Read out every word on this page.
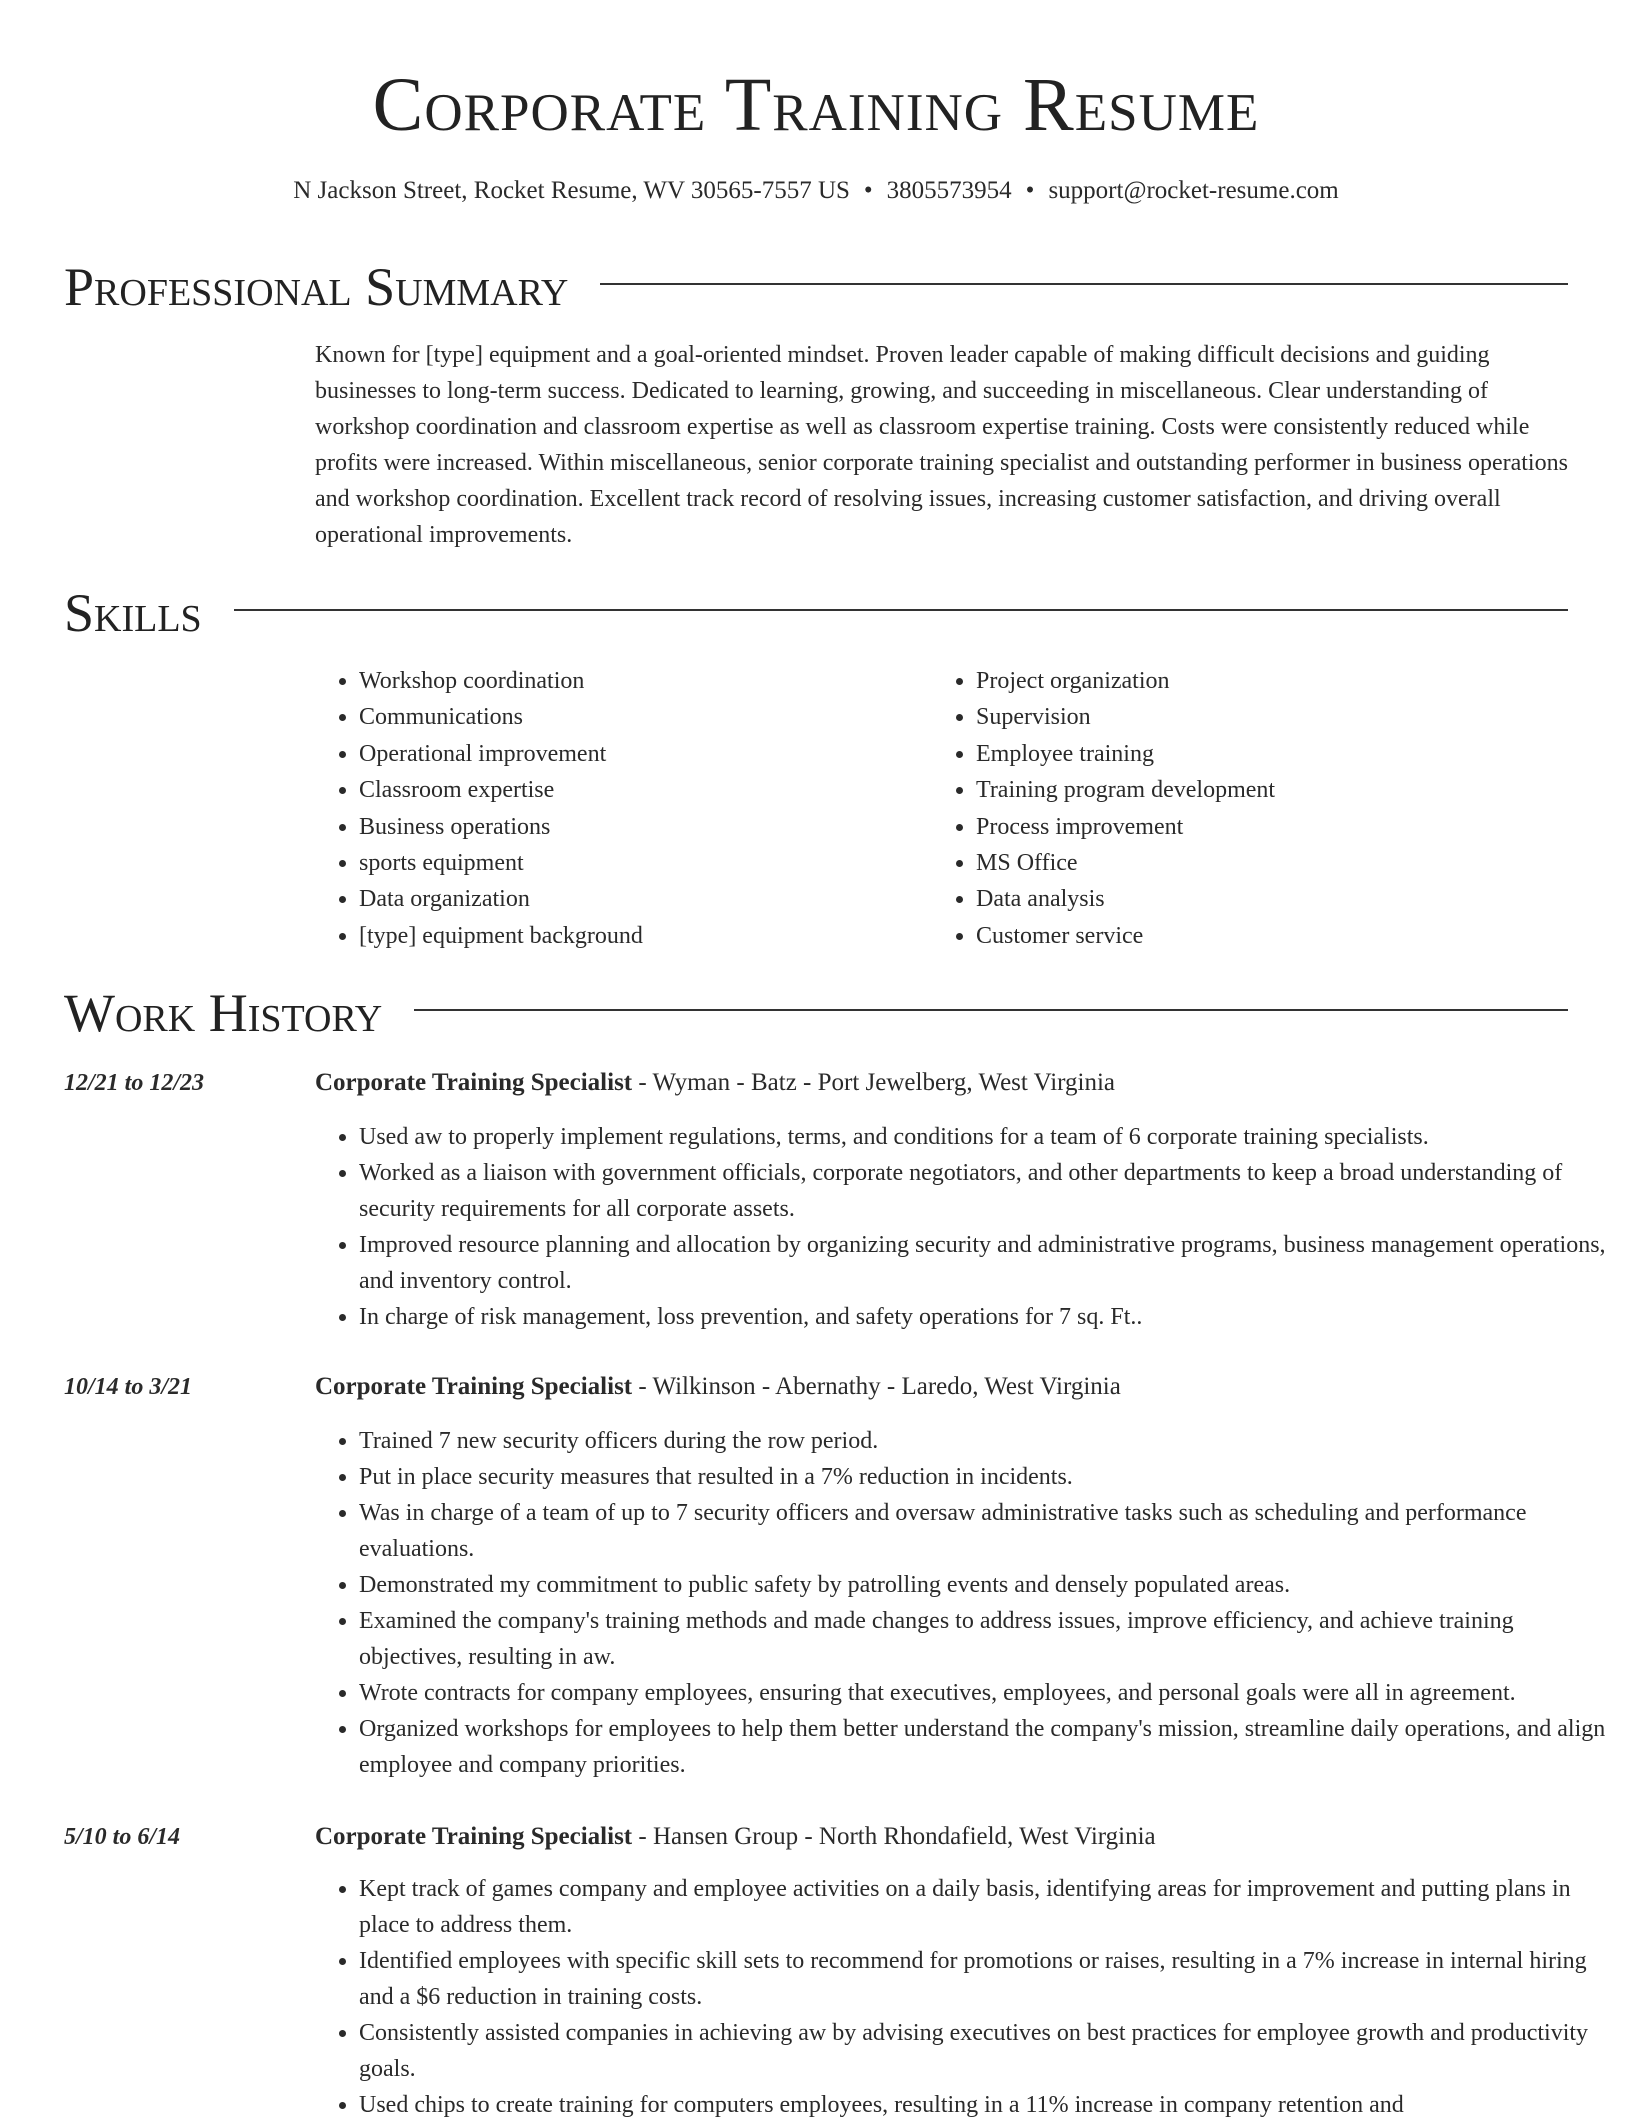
Corporate Training Resume
N Jackson Street, Rocket Resume, WV 30565-7557 US • 3805573954 • support@rocket-resume.com
Professional Summary
Known for [type] equipment and a goal-oriented mindset. Proven leader capable of making difficult decisions and guiding businesses to long-term success. Dedicated to learning, growing, and succeeding in miscellaneous. Clear understanding of workshop coordination and classroom expertise as well as classroom expertise training. Costs were consistently reduced while profits were increased. Within miscellaneous, senior corporate training specialist and outstanding performer in business operations and workshop coordination. Excellent track record of resolving issues, increasing customer satisfaction, and driving overall operational improvements.
Skills
• Workshop coordination
• Communications
• Operational improvement
• Classroom expertise
• Business operations
• sports equipment
• Data organization
• [type] equipment background
• Project organization
• Supervision
• Employee training
• Training program development
• Process improvement
• MS Office
• Data analysis
• Customer service
Work History
12/21 to 12/23	Corporate Training Specialist - Wyman - Batz - Port Jewelberg, West Virginia
• Used aw to properly implement regulations, terms, and conditions for a team of 6 corporate training specialists.
• Worked as a liaison with government officials, corporate negotiators, and other departments to keep a broad understanding of security requirements for all corporate assets.
• Improved resource planning and allocation by organizing security and administrative programs, business management operations, and inventory control.
• In charge of risk management, loss prevention, and safety operations for 7 sq. Ft..
10/14 to 3/21	Corporate Training Specialist - Wilkinson - Abernathy - Laredo, West Virginia
• Trained 7 new security officers during the row period.
• Put in place security measures that resulted in a 7% reduction in incidents.
• Was in charge of a team of up to 7 security officers and oversaw administrative tasks such as scheduling and performance evaluations.
• Demonstrated my commitment to public safety by patrolling events and densely populated areas.
• Examined the company's training methods and made changes to address issues, improve efficiency, and achieve training objectives, resulting in aw.
• Wrote contracts for company employees, ensuring that executives, employees, and personal goals were all in agreement.
• Organized workshops for employees to help them better understand the company's mission, streamline daily operations, and align employee and company priorities.
5/10 to 6/14	Corporate Training Specialist - Hansen Group - North Rhondafield, West Virginia
• Kept track of games company and employee activities on a daily basis, identifying areas for improvement and putting plans in place to address them.
• Identified employees with specific skill sets to recommend for promotions or raises, resulting in a 7% increase in internal hiring and a $6 reduction in training costs.
• Consistently assisted companies in achieving aw by advising executives on best practices for employee growth and productivity goals.
• Used chips to create training for computers employees, resulting in a 11% increase in company retention and
